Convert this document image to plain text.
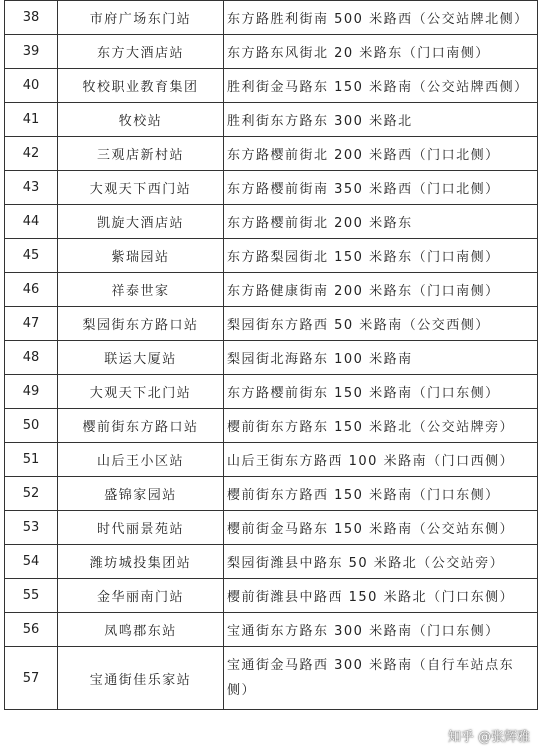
38	市府广场东门站	东方路胜利街南 500 米路西（公交站牌北侧）
39	东方大酒店站	东方路东风街北 20 米路东（门口南侧）
40	牧校职业教育集团	胜利街金马路东 150 米路南（公交站牌西侧）
41	牧校站	胜利街东方路东 300 米路北
42	三观店新村站	东方路樱前街北 200 米路西（门口北侧）
43	大观天下西门站	东方路樱前街南 350 米路西（门口北侧）
44	凯旋大酒店站	东方路樱前街北 200 米路东
45	紫瑞园站	东方路梨园街北 150 米路东（门口南侧）
46	祥泰世家	东方路健康街南 200 米路东（门口南侧）
47	梨园街东方路口站	梨园街东方路西 50 米路南（公交西侧）
48	联运大厦站	梨园街北海路东 100 米路南
49	大观天下北门站	东方路樱前街东 150 米路南（门口东侧）
50	樱前街东方路口站	樱前街东方路东 150 米路北（公交站牌旁）
51	山后王小区站	山后王街东方路西 100 米路南（门口西侧）
52	盛锦家园站	樱前街东方路西 150 米路南（门口东侧）
53	时代丽景苑站	樱前街金马路东 150 米路南（公交站东侧）
54	潍坊城投集团站	梨园街潍县中路东 50 米路北（公交站旁）
55	金华丽南门站	樱前街潍县中路西 150 米路北（门口东侧）
56	凤鸣郡东站	宝通街东方路东 300 米路南（门口东侧）
57	宝通街佳乐家站	宝通街金马路西 300 米路南（自行车站点东侧）
知乎 @张辉雅
